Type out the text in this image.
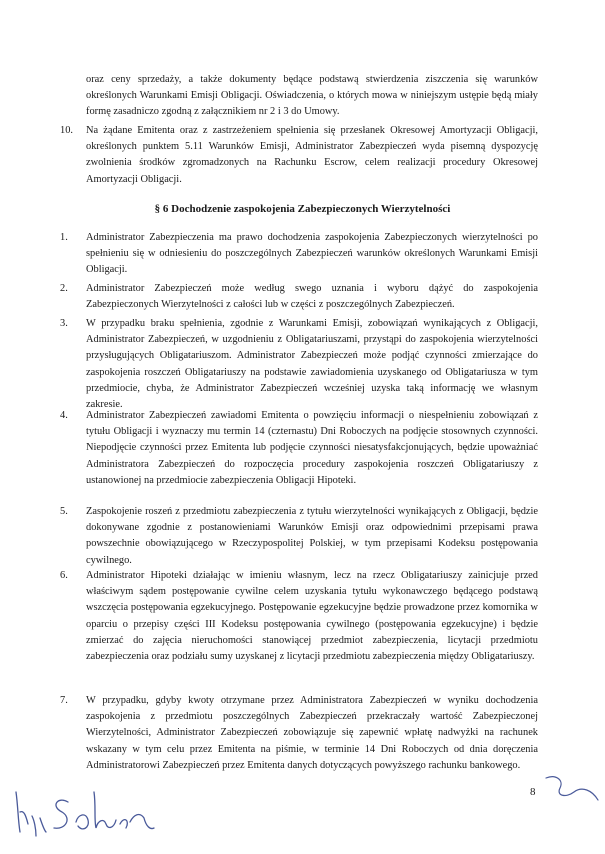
oraz ceny sprzedaży, a także dokumenty będące podstawą stwierdzenia ziszczenia się warunków określonych Warunkami Emisji Obligacji. Oświadczenia, o których mowa w niniejszym ustępie będą miały formę zasadniczo zgodną z załącznikiem nr 2 i 3 do Umowy.

10.	Na żądane Emitenta oraz z zastrzeżeniem spełnienia się przesłanek Okresowej Amortyzacji Obligacji, określonych punktem 5.11 Warunków Emisji, Administrator Zabezpieczeń wyda pisemną dyspozycję zwolnienia środków zgromadzonych na Rachunku Escrow, celem realizacji procedury Okresowej Amortyzacji Obligacji.
§ 6 Dochodzenie zaspokojenia Zabezpieczonych Wierzytelności
1.	Administrator Zabezpieczenia ma prawo dochodzenia zaspokojenia Zabezpieczonych wierzytelności po spełnieniu się w odniesieniu do poszczególnych Zabezpieczeń warunków określonych Warunkami Emisji Obligacji.
2.	Administrator Zabezpieczeń może według swego uznania i wyboru dążyć do zaspokojenia Zabezpieczonych Wierzytelności z całości lub w części z poszczególnych Zabezpieczeń.
3.	W przypadku braku spełnienia, zgodnie z Warunkami Emisji, zobowiązań wynikających z Obligacji, Administrator Zabezpieczeń, w uzgodnieniu z Obligatariuszami, przystąpi do zaspokojenia wierzytelności przysługujących Obligatariuszom. Administrator Zabezpieczeń może podjąć czynności zmierzające do zaspokojenia roszczeń Obligatariuszy na podstawie zawiadomienia uzyskanego od Obligatariusza w tym przedmiocie, chyba, że Administrator Zabezpieczeń wcześniej uzyska taką informację we własnym zakresie.
4.	Administrator Zabezpieczeń zawiadomi Emitenta o powzięciu informacji o niespełnieniu zobowiązań z tytułu Obligacji i wyznaczy mu termin 14 (czternastu) Dni Roboczych na podjęcie stosownych czynności. Niepodjęcie czynności przez Emitenta lub podjęcie czynności niesatysfakcjonujących, będzie upoważniać Administratora Zabezpieczeń do rozpoczęcia procedury zaspokojenia roszczeń Obligatariuszy z ustanowionej na przedmiocie zabezpieczenia Obligacji Hipoteki.
5.	Zaspokojenie roszeń z przedmiotu zabezpieczenia z tytułu wierzytelności wynikających z Obligacji, będzie dokonywane zgodnie z postanowieniami Warunków Emisji oraz odpowiednimi przepisami prawa powszechnie obowiązującego w Rzeczypospolitej Polskiej, w tym przepisami Kodeksu postępowania cywilnego.
6.	Administrator Hipoteki działając w imieniu własnym, lecz na rzecz Obligatariuszy zainicjuje przed właściwym sądem postępowanie cywilne celem uzyskania tytułu wykonawczego będącego podstawą wszczęcia postępowania egzekucyjnego. Postępowanie egzekucyjne będzie prowadzone przez komornika w oparciu o przepisy części III Kodeksu postępowania cywilnego (postępowania egzekucyjne) i będzie zmierzać do zajęcia nieruchomości stanowiącej przedmiot zabezpieczenia, licytacji przedmiotu zabezpieczenia oraz podziału sumy uzyskanej z licytacji przedmiotu zabezpieczenia między Obligatariuszy.
7.	W przypadku, gdyby kwoty otrzymane przez Administratora Zabezpieczeń w wyniku dochodzenia zaspokojenia z przedmiotu poszczególnych Zabezpieczeń przekraczały wartość Zabezpieczonej Wierzytelności, Administrator Zabezpieczeń zobowiązuje się zapewnić wpłatę nadwyżki na rachunek wskazany w tym celu przez Emitenta na piśmie, w terminie 14 Dni Roboczych od dnia doręczenia Administratorowi Zabezpieczeń przez Emitenta danych dotyczących powyższego rachunku bankowego.
8
